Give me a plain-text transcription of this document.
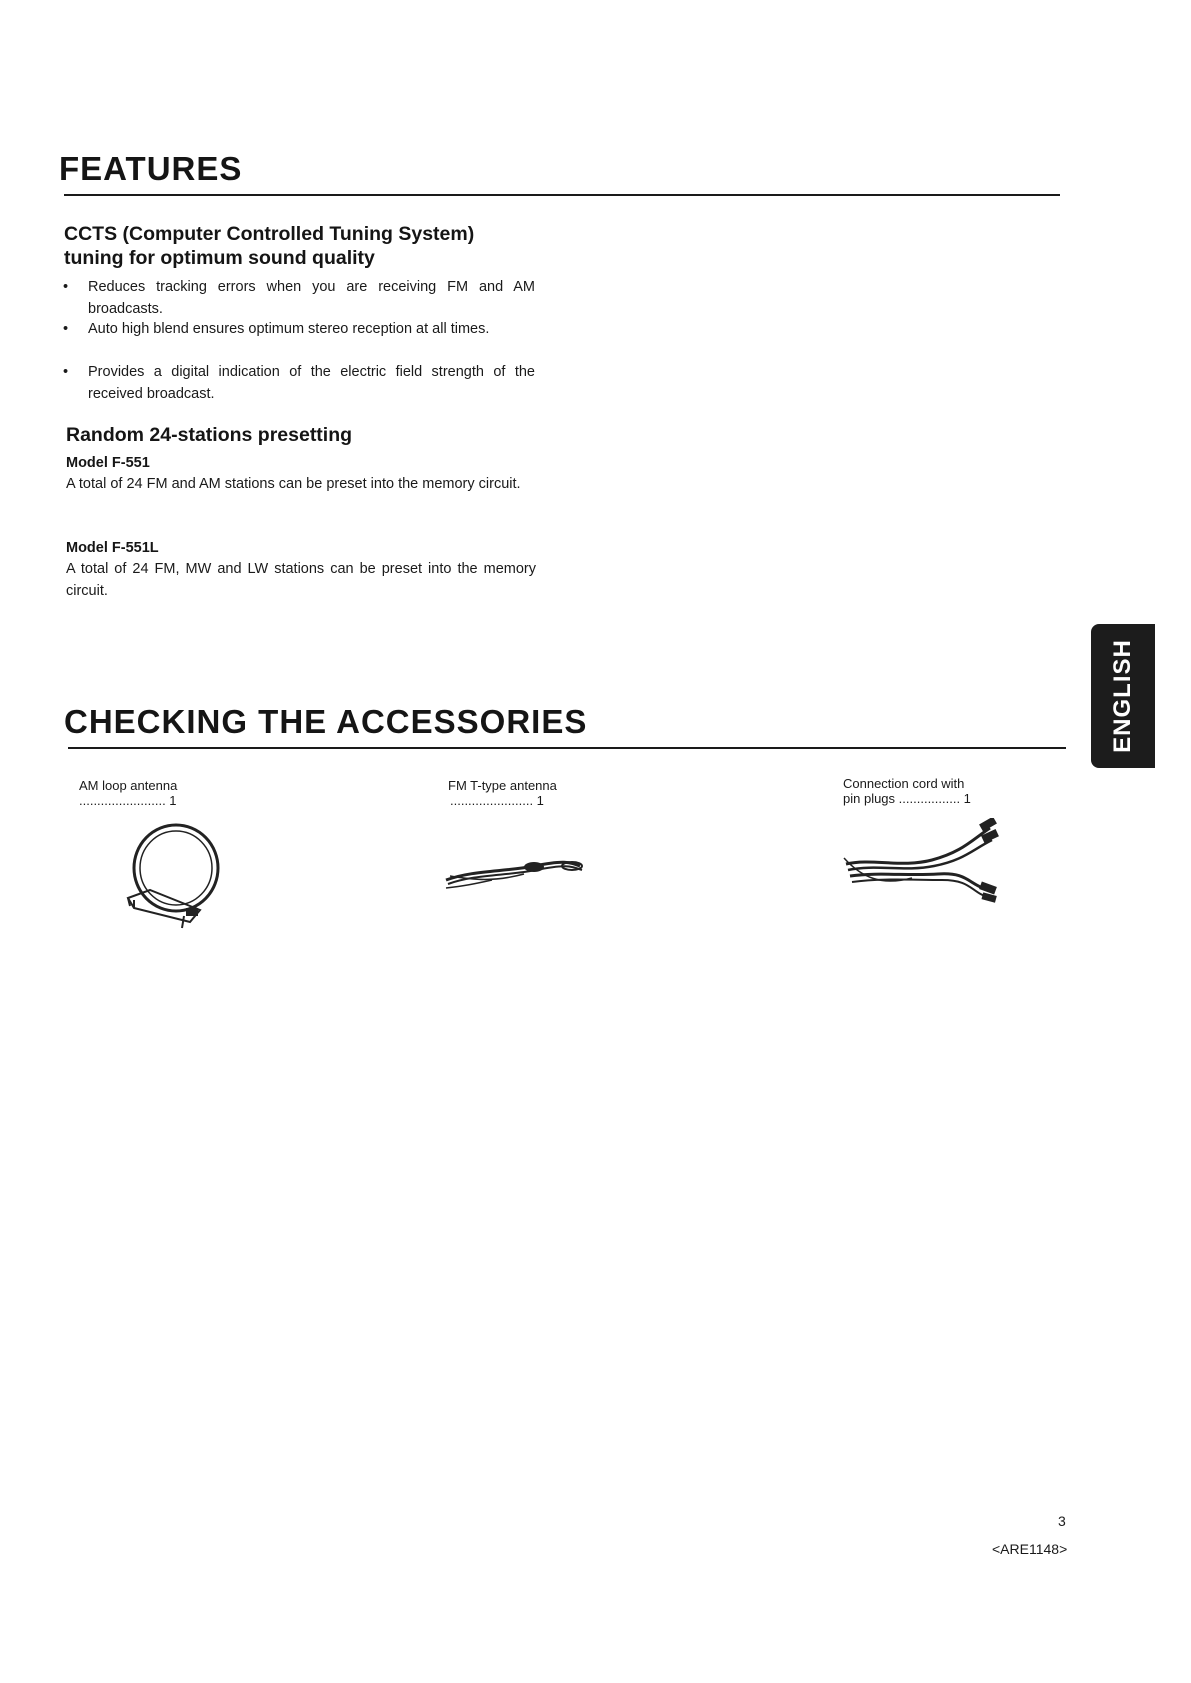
FEATURES
CCTS (Computer Controlled Tuning System)
tuning for optimum sound quality
• Reduces tracking errors when you are receiving FM and AM broadcasts.
• Auto high blend ensures optimum stereo reception at all times.
• Provides a digital indication of the electric field strength of the received broadcast.
Random 24-stations presetting
Model F-551
A total of 24 FM and AM stations can be preset into the memory circuit.
Model F-551L
A total of 24 FM, MW and LW stations can be preset into the memory circuit.
ENGLISH
CHECKING THE ACCESSORIES
AM loop antenna
........................ 1
FM T-type antenna
....................... 1
Connection cord with
pin plugs ................. 1
3
<ARE1148>
